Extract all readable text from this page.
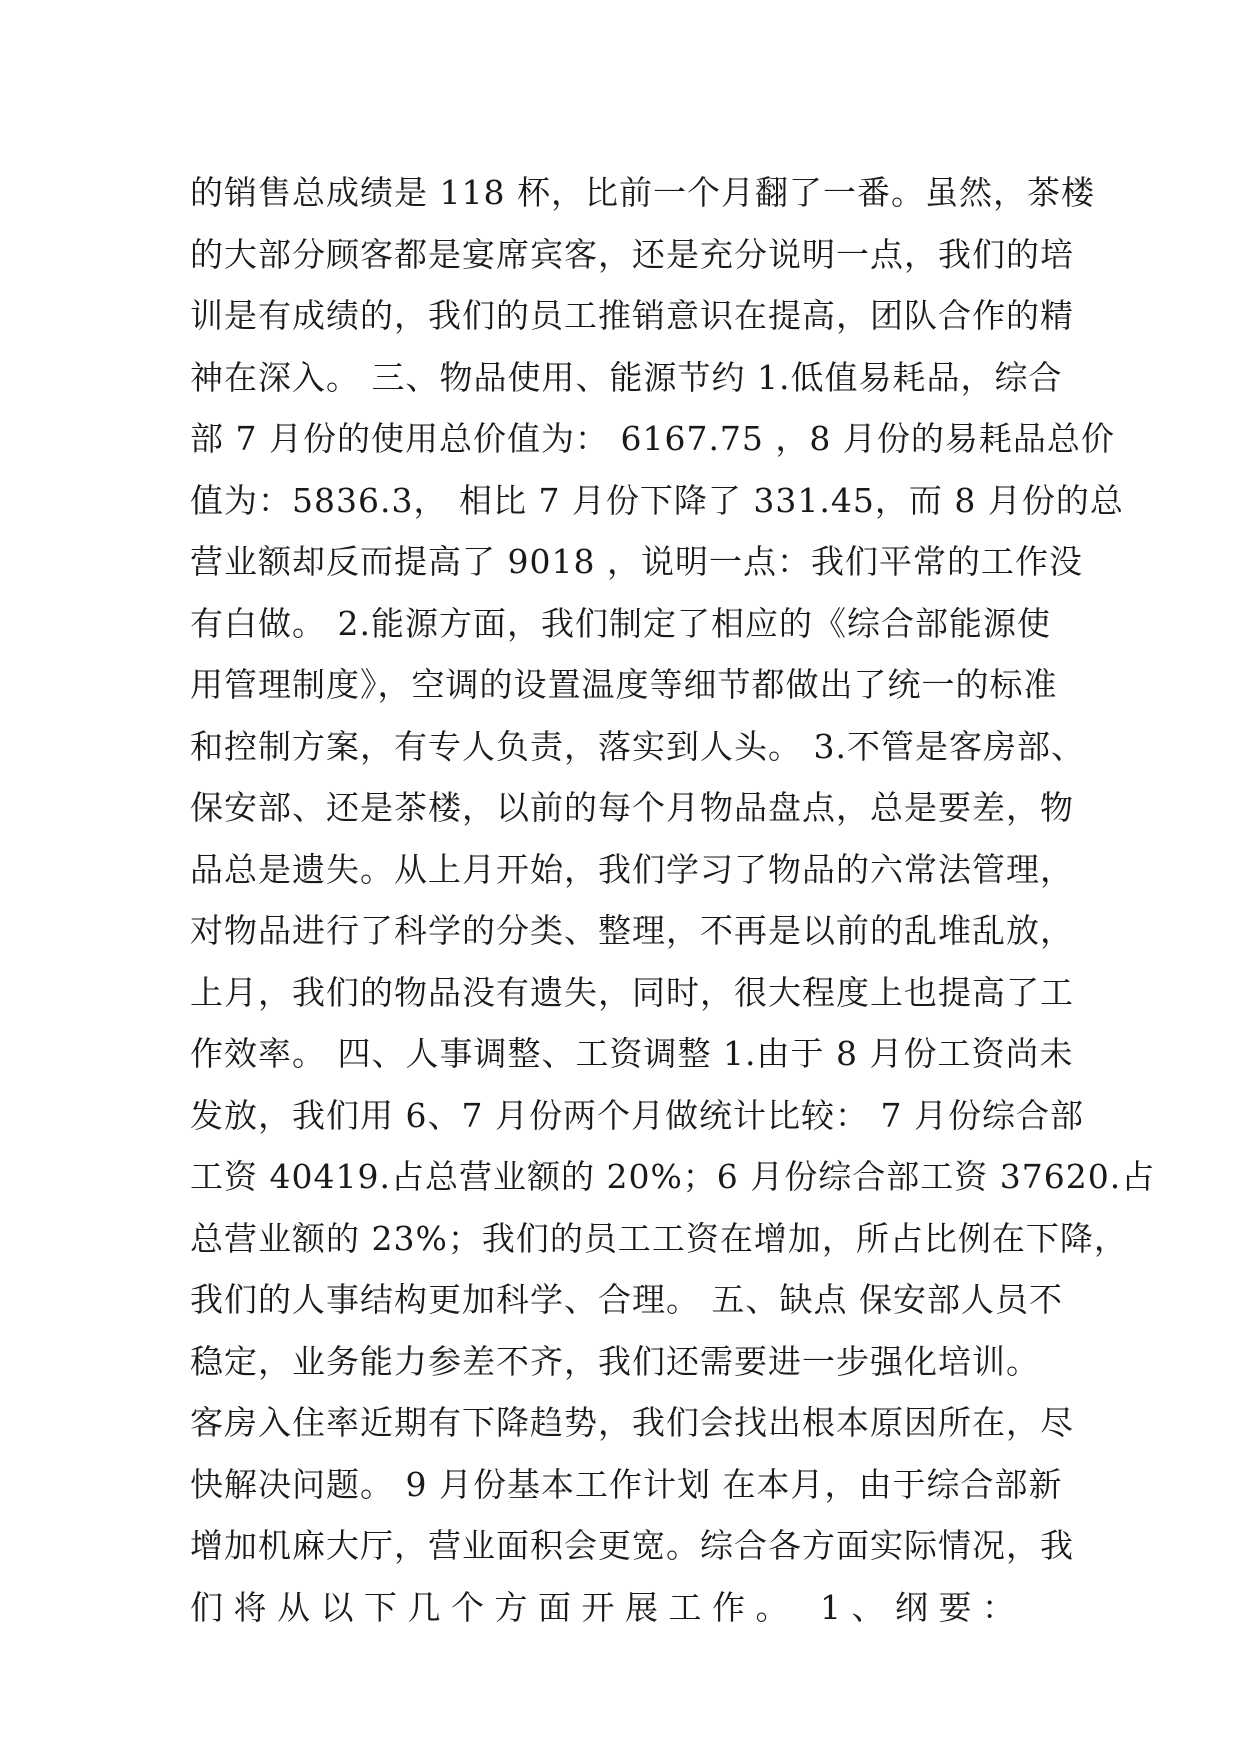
的销售总成绩是 118 杯，比前一个月翻了一番。虽然，茶楼
的大部分顾客都是宴席宾客，还是充分说明一点，我们的培
训是有成绩的，我们的员工推销意识在提高，团队合作的精
神在深入。 三、物品使用、能源节约 1.低值易耗品，综合
部 7 月份的使用总价值为： 6167.75 ，8 月份的易耗品总价
值为：5836.3， 相比 7 月份下降了 331.45，而 8 月份的总
营业额却反而提高了 9018 ，说明一点：我们平常的工作没
有白做。 2.能源方面，我们制定了相应的《综合部能源使
用管理制度》，空调的设置温度等细节都做出了统一的标准
和控制方案，有专人负责，落实到人头。 3.不管是客房部、
保安部、还是茶楼，以前的每个月物品盘点，总是要差，物
品总是遗失。从上月开始，我们学习了物品的六常法管理，
对物品进行了科学的分类、整理，不再是以前的乱堆乱放，
上月，我们的物品没有遗失，同时，很大程度上也提高了工
作效率。 四、人事调整、工资调整 1.由于 8 月份工资尚未
发放，我们用 6、7 月份两个月做统计比较： 7 月份综合部
工资 40419.占总营业额的 20%；6 月份综合部工资 37620.占
总营业额的 23%；我们的员工工资在增加，所占比例在下降，
我们的人事结构更加科学、合理。 五、缺点 保安部人员不
稳定，业务能力参差不齐，我们还需要进一步强化培训。
客房入住率近期有下降趋势，我们会找出根本原因所在，尽
快解决问题。 9 月份基本工作计划 在本月，由于综合部新
增加机麻大厅，营业面积会更宽。综合各方面实际情况，我
们将从以下几个方面开展工作。 1、纲要：
